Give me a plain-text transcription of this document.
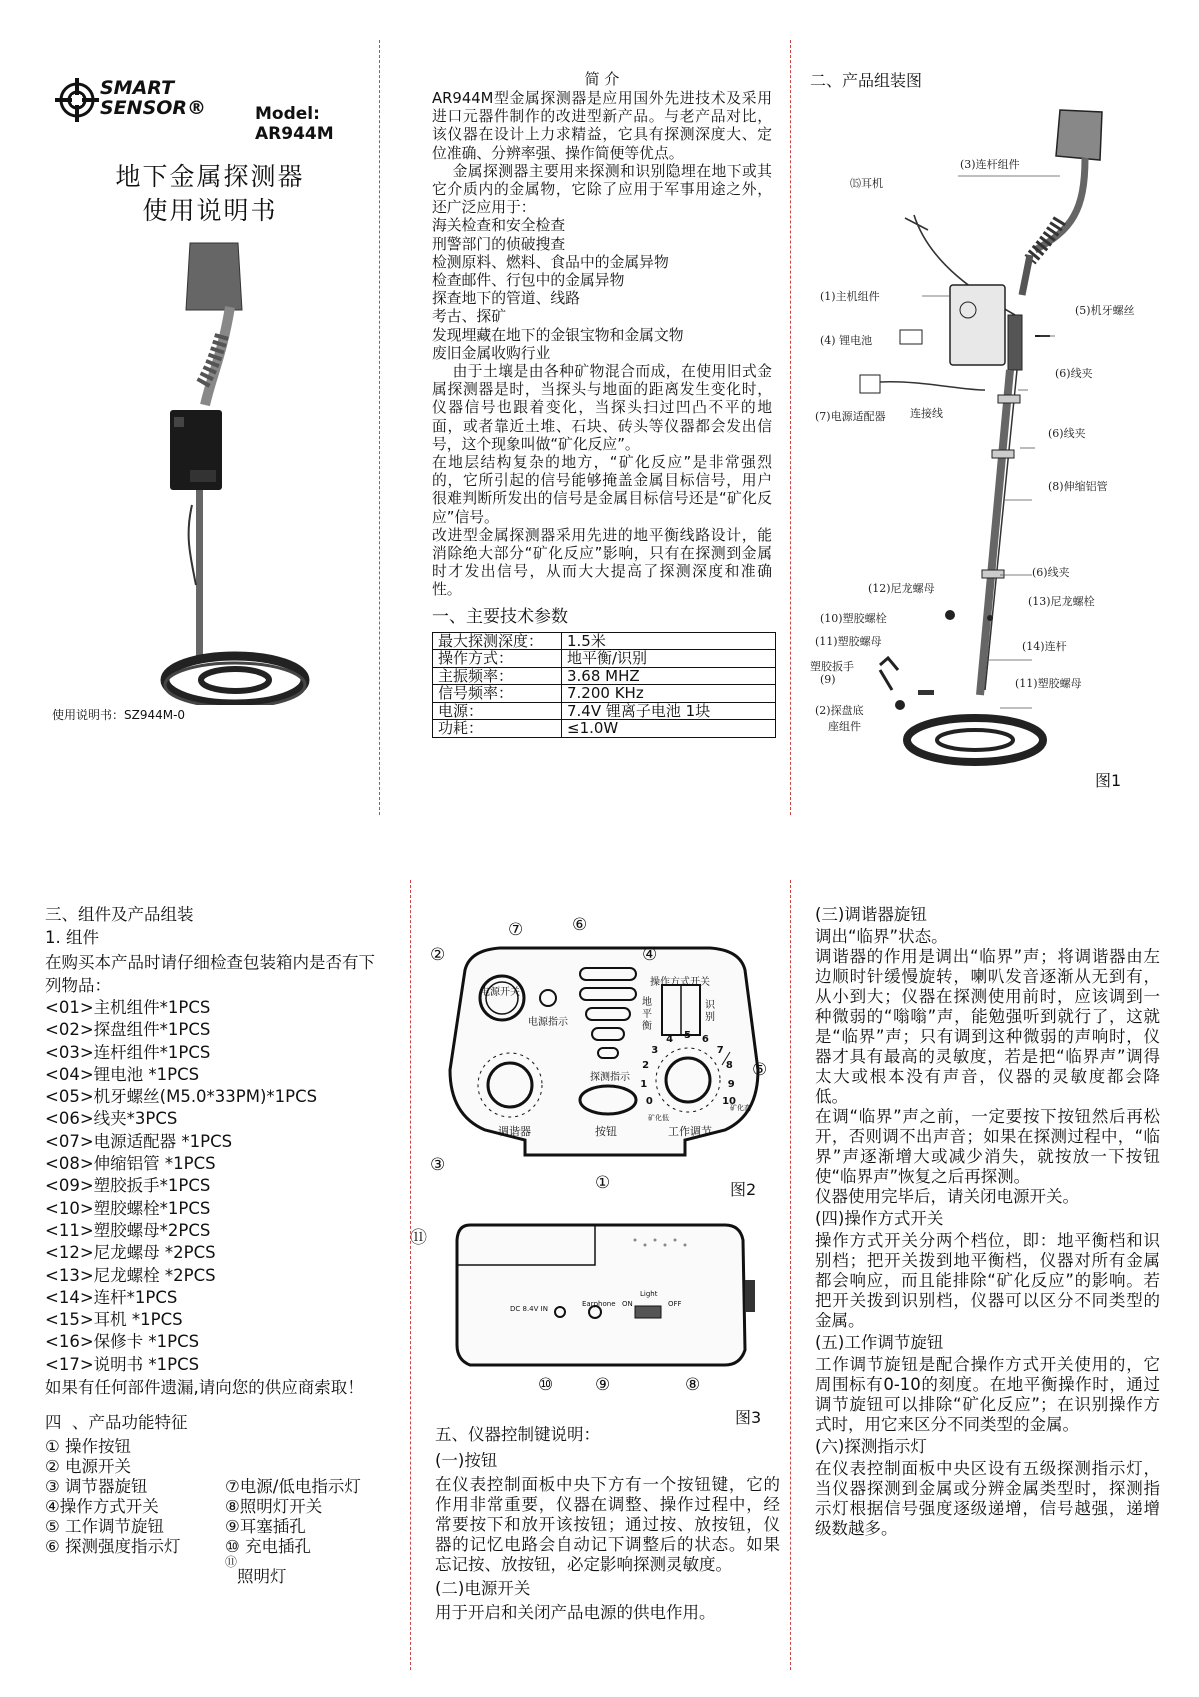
SMART
SENSOR®	Model: AR944M
地下金属探测器
使用说明书
使用说明书：SZ944M-0
简 介
AR944M型金属探测器是应用国外先进技术及采用进口元器件制作的改进型新产品。与老产品对比，该仪器在设计上力求精益，它具有探测深度大、定位准确、分辨率强、操作简便等优点。
金属探测器主要用来探测和识别隐埋在地下或其它介质内的金属物，它除了应用于军事用途之外，还广泛应用于：
海关检查和安全检查
刑警部门的侦破搜查
检测原料、燃料、食品中的金属异物
检查邮件、行包中的金属异物
探查地下的管道、线路
考古、探矿
发现埋藏在地下的金银宝物和金属文物
废旧金属收购行业
由于土壤是由各种矿物混合而成，在使用旧式金属探测器是时，当探头与地面的距离发生变化时，仪器信号也跟着变化，当探头扫过凹凸不平的地面，或者靠近土堆、石块、砖头等仪器都会发出信号，这个现象叫做“矿化反应”。
在地层结构复杂的地方，“矿化反应”是非常强烈的，它所引起的信号能够掩盖金属目标信号，用户很难判断所发出的信号是金属目标信号还是“矿化反应”信号。
改进型金属探测器采用先进的地平衡线路设计，能消除绝大部分“矿化反应”影响，只有在探测到金属时才发出信号，从而大大提高了探测深度和准确性。
一、主要技术参数
最大探测深度：	1.5米
操作方式：	地平衡/识别
主振频率：	3.68 MHZ
信号频率：	7.200 KHz
电源：	7.4V 锂离子电池 1块
功耗：	≤1.0W
二、产品组装图
(3)连杆组件
⒂耳机
(1)主机组件
(5)机牙螺丝
(4) 锂电池
(6)线夹
(7)电源适配器 连接线
(6)线夹
(8)伸缩铝管
(6)线夹
(12)尼龙螺母
(13)尼龙螺栓
(10)塑胶螺栓
(11)塑胶螺母	(14)连杆
塑胶扳手
(9)	(11)塑胶螺母
(2)探盘底
座组件
图1
三、组件及产品组装
1. 组件
在购买本产品时请仔细检查包装箱内是否有下列物品：
<01>主机组件*1PCS
<02>探盘组件*1PCS
<03>连杆组件*1PCS
<04>锂电池 *1PCS
<05>机牙螺丝(M5.0*33PM)*1PCS
<06>线夹*3PCS
<07>电源适配器 *1PCS
<08>伸缩铝管 *1PCS
<09>塑胶扳手*1PCS
<10>塑胶螺栓*1PCS
<11>塑胶螺母*2PCS
<12>尼龙螺母 *2PCS
<13>尼龙螺栓 *2PCS
<14>连杆*1PCS
<15>耳机 *1PCS
<16>保修卡 *1PCS
<17>说明书 *1PCS
如果有任何部件遗漏,请向您的供应商索取！
四  、产品功能特征
① 操作按钮
② 电源开关
③ 调节器旋钮
④操作方式开关
⑤ 工作调节旋钮
⑥ 探测强度指示灯
⑦电源/低电指示灯
⑧照明灯开关
⑨耳塞插孔
⑩ 充电插孔
⑪
照明灯
②
⑦	⑥
④
⑤
③
①
电源开关
电源指示
操作方式开关
地平衡
识别
探测指示
调谐器	按钮	工作调节
矿化低
矿化高
0
1
2
3
4 5 6
7
8
9
10
图2
DC 8.4V IN
Earphone
Light
ON	OFF
⑪
⑩ ⑨	⑧
图3
五、仪器控制键说明：
(一)按钮
在仪表控制面板中央下方有一个按钮键，它的作用非常重要，仪器在调整、操作过程中，经常要按下和放开该按钮；通过按、放按钮，仪器的记忆电路会自动记下调整后的状态。如果忘记按、放按钮，必定影响探测灵敏度。
(二)电源开关
用于开启和关闭产品电源的供电作用。
(三)调谐器旋钮
调出“临界”状态。
调谐器的作用是调出“临界”声；将调谐器由左边顺时针缓慢旋转，喇叭发音逐渐从无到有，从小到大；仪器在探测使用前时，应该调到一种微弱的“嗡嗡”声，能勉强听到就行了，这就是“临界”声；只有调到这种微弱的声响时，仪器才具有最高的灵敏度，若是把“临界声”调得太大或根本没有声音，仪器的灵敏度都会降低。
在调“临界”声之前，一定要按下按钮然后再松开，否则调不出声音；如果在探测过程中，“临界”声逐渐增大或减少消失，就按放一下按钮使“临界声”恢复之后再探测。
仪器使用完毕后，请关闭电源开关。
(四)操作方式开关
操作方式开关分两个档位，即：地平衡档和识别档；把开关拨到地平衡档，仪器对所有金属都会响应，而且能排除“矿化反应”的影响。若把开关拨到识别档，仪器可以区分不同类型的金属。
(五)工作调节旋钮
工作调节旋钮是配合操作方式开关使用的，它周围标有0-10的刻度。在地平衡操作时，通过调节旋钮可以排除“矿化反应”；在识别操作方式时，用它来区分不同类型的金属。
(六)探测指示灯
在仪表控制面板中央区设有五级探测指示灯，当仪器探测到金属或分辨金属类型时，探测指示灯根据信号强度逐级递增，信号越强，递增级数越多。
